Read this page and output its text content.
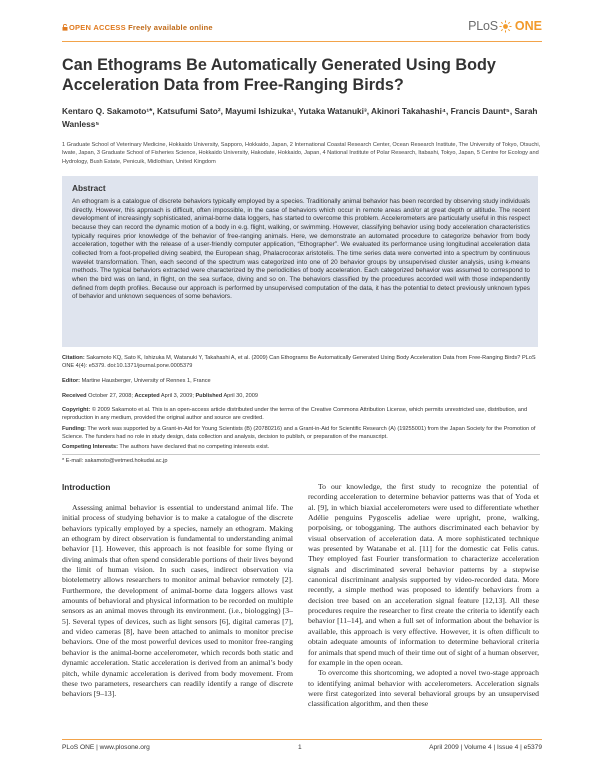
OPEN ACCESS Freely available online	PLoS ONE
Can Ethograms Be Automatically Generated Using Body Acceleration Data from Free-Ranging Birds?
Kentaro Q. Sakamoto¹*, Katsufumi Sato², Mayumi Ishizuka¹, Yutaka Watanuki³, Akinori Takahashi⁴, Francis Daunt⁵, Sarah Wanless⁵
1 Graduate School of Veterinary Medicine, Hokkaido University, Sapporo, Hokkaido, Japan, 2 International Coastal Research Center, Ocean Research Institute, The University of Tokyo, Otsuchi, Iwate, Japan, 3 Graduate School of Fisheries Science, Hokkaido University, Hakodate, Hokkaido, Japan, 4 National Institute of Polar Research, Itabashi, Tokyo, Japan, 5 Centre for Ecology and Hydrology, Bush Estate, Penicuik, Midlothian, United Kingdom
Abstract
An ethogram is a catalogue of discrete behaviors typically employed by a species. Traditionally animal behavior has been recorded by observing study individuals directly. However, this approach is difficult, often impossible, in the case of behaviors which occur in remote areas and/or at great depth or altitude. The recent development of increasingly sophisticated, animal-borne data loggers, has started to overcome this problem. Accelerometers are particularly useful in this respect because they can record the dynamic motion of a body in e.g. flight, walking, or swimming. However, classifying behavior using body acceleration characteristics typically requires prior knowledge of the behavior of free-ranging animals. Here, we demonstrate an automated procedure to categorize behavior from body acceleration, together with the release of a user-friendly computer application, “Ethographer”. We evaluated its performance using longitudinal acceleration data collected from a foot-propelled diving seabird, the European shag, Phalacrocorax aristotelis. The time series data were converted into a spectrum by continuous wavelet transformation. Then, each second of the spectrum was categorized into one of 20 behavior groups by unsupervised cluster analysis, using k-means methods. The typical behaviors extracted were characterized by the periodicities of body acceleration. Each categorized behavior was assumed to correspond to when the bird was on land, in flight, on the sea surface, diving and so on. The behaviors classified by the procedures accorded well with those independently defined from depth profiles. Because our approach is performed by unsupervised computation of the data, it has the potential to detect previously unknown types of behavior and unknown sequences of some behaviors.
Citation: Sakamoto KQ, Sato K, Ishizuka M, Watanuki Y, Takahashi A, et al. (2009) Can Ethograms Be Automatically Generated Using Body Acceleration Data from Free-Ranging Birds? PLoS ONE 4(4): e5379. doi:10.1371/journal.pone.0005379
Editor: Martine Hausberger, University of Rennes 1, France
Received October 27, 2008; Accepted April 3, 2009; Published April 30, 2009
Copyright: © 2009 Sakamoto et al. This is an open-access article distributed under the terms of the Creative Commons Attribution License, which permits unrestricted use, distribution, and reproduction in any medium, provided the original author and source are credited.
Funding: The work was supported by a Grant-in-Aid for Young Scientists (B) (20780216) and a Grant-in-Aid for Scientific Research (A) (19255001) from the Japan Society for the Promotion of Science. The funders had no role in study design, data collection and analysis, decision to publish, or preparation of the manuscript.
Competing Interests: The authors have declared that no competing interests exist.
* E-mail: sakamoto@vetmed.hokudai.ac.jp
Introduction

Assessing animal behavior is essential to understand animal life. The initial process of studying behavior is to make a catalogue of the discrete behaviors typically employed by a species, namely an ethogram. Making an ethogram by direct observation is fundamental to understanding animal behavior [1]. However, this approach is not feasible for some flying or diving animals that often spend considerable portions of their lives beyond the limit of human vision. In such cases, indirect observation via biotelemetry allows researchers to monitor animal behavior remotely [2]. Furthermore, the development of animal-borne data loggers allows vast amounts of behavioral and physical information to be recorded on multiple sensors as an animal moves through its environment. (i.e., biologging) [3–5]. Several types of devices, such as light sensors [6], digital cameras [7], and video cameras [8], have been attached to animals to monitor precise behaviors. One of the most powerful devices used to monitor free-ranging behavior is the animal-borne accelerometer, which records both static and dynamic acceleration. Static acceleration is derived from an animal’s body pitch, while dynamic acceleration is derived from body movement. From these two parameters, researchers can readily identify a range of discrete behaviors [9–13].

To our knowledge, the first study to recognize the potential of recording acceleration to determine behavior patterns was that of Yoda et al. [9], in which biaxial accelerometers were used to differentiate whether Adélie penguins Pygoscelis adeliae were upright, prone, walking, porpoising, or tobogganing. The authors discriminated each behavior by visual observation of acceleration data. A more sophisticated technique was presented by Watanabe et al. [11] for the domestic cat Felis catus. They employed fast Fourier transformation to characterize acceleration signals and discriminated several behavior patterns by a stepwise canonical discriminant analysis supported by video-recorded data. More recently, a simple method was proposed to identify behaviors from a decision tree based on an acceleration signal feature [12,13]. All these procedures require the researcher to first create the criteria to identify each behavior [11–14], and when a full set of information about the behavior is available, this approach is very effective. However, it is often difficult to obtain adequate amounts of information to determine behavioral criteria for animals that spend much of their time out of sight of a human observer, for example in the open ocean.

To overcome this shortcoming, we adopted a novel two-stage approach to identifying animal behavior with accelerometers. Acceleration signals were first categorized into several behavioral groups by an unsupervised classification algorithm, and then these

PLoS ONE | www.plosone.org	1	April 2009 | Volume 4 | Issue 4 | e5379
